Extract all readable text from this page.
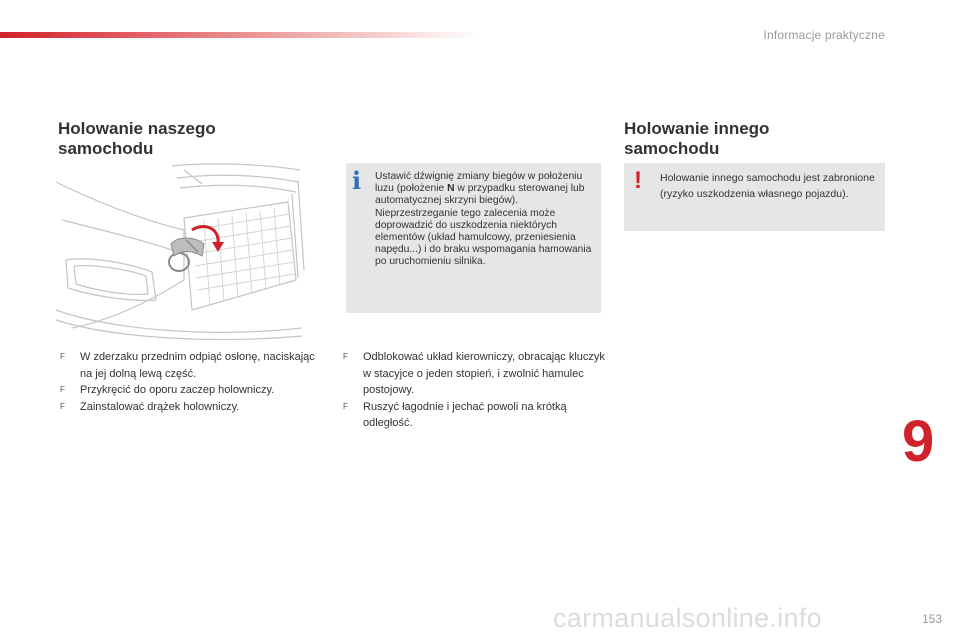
Informacje praktyczne
Holowanie naszego
samochodu
i Ustawić dźwignię zmiany biegów w położeniu luzu (położenie N w przypadku sterowanej lub automatycznej skrzyni biegów). Nieprzestrzeganie tego zalecenia może doprowadzić do uszkodzenia niektórych elementów (układ hamulcowy, przeniesienia napędu...) i do braku wspomagania hamowania po uruchomieniu silnika.
Holowanie innego
samochodu
! Holowanie innego samochodu jest zabronione (ryzyko uszkodzenia własnego pojazdu).
F W zderzaku przednim odpiąć osłonę, naciskając na jej dolną lewą część.
F Przykręcić do oporu zaczep holowniczy.
F Zainstalować drążek holowniczy.
F Odblokować układ kierowniczy, obracając kluczyk w stacyjce o jeden stopień, i zwolnić hamulec postojowy.
F Ruszyć łagodnie i jechać powoli na krótką odległość.	9
carmanualsonline.info	153
